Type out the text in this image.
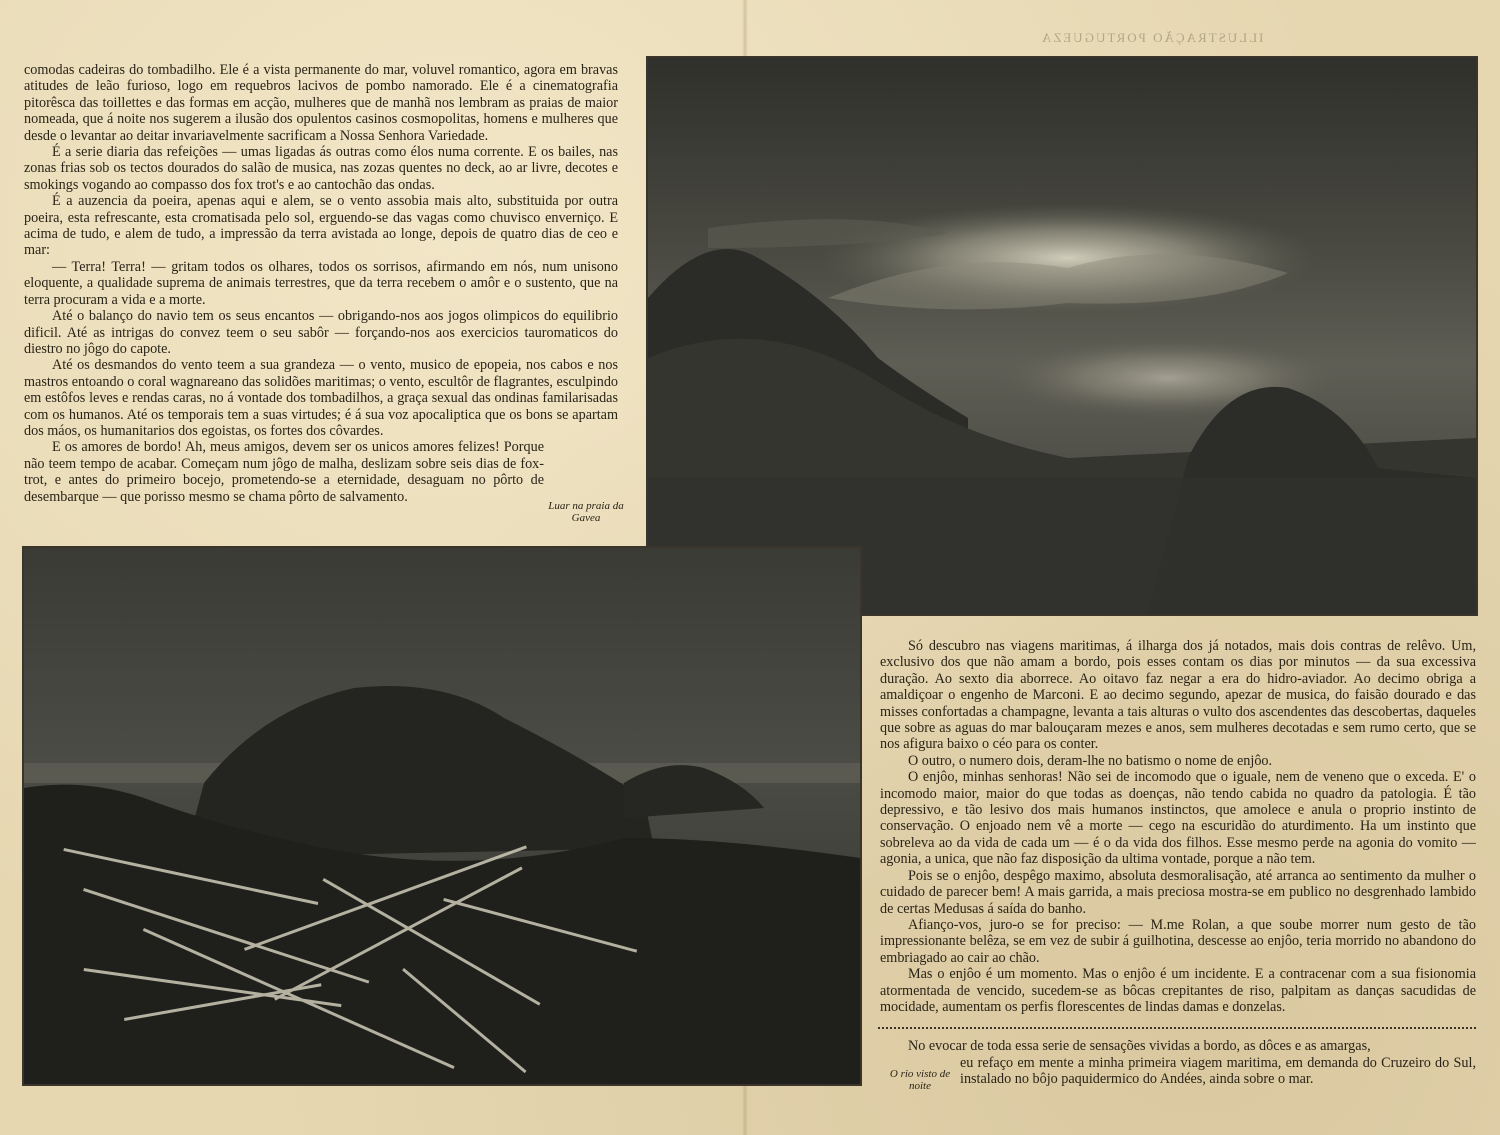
ILLUSTRAÇÃO PORTUGUEZA

comodas cadeiras do tombadilho. Ele é a vista permanente do mar, voluvel romantico, agora em bravas atitudes de leão furioso, logo em requebros lacivos de pombo namorado. Ele é a cinematografia pitorêsca das toillettes e das formas em acção, mulheres que de manhã nos lembram as praias de maior nomeada, que á noite nos sugerem a ilusão dos opulentos casinos cosmopolitas, homens e mulheres que desde o levantar ao deitar invariavelmente sacrificam a Nossa Senhora Variedade.

É a serie diaria das refeições — umas ligadas ás outras como élos numa corrente. E os bailes, nas zonas frias sob os tectos dourados do salão de musica, nas zozas quentes no deck, ao ar livre, decotes e smokings vogando ao compasso dos fox trot's e ao cantochão das ondas.

É a auzencia da poeira, apenas aqui e alem, se o vento assobia mais alto, substituida por outra poeira, esta refrescante, esta cromatisada pelo sol, erguendo-se das vagas como chuvisco enverniço. E acima de tudo, e alem de tudo, a impressão da terra avistada ao longe, depois de quatro dias de ceo e mar:

— Terra! Terra! — gritam todos os olhares, todos os sorrisos, afirmando em nós, num unisono eloquente, a qualidade suprema de animais terrestres, que da terra recebem o amôr e o sustento, que na terra procuram a vida e a morte.

Até o balanço do navio tem os seus encantos — obrigando-nos aos jogos olimpicos do equilibrio dificil. Até as intrigas do convez teem o seu sabôr — forçando-nos aos exercicios tauromaticos do diestro no jôgo do capote.

Até os desmandos do vento teem a sua grandeza — o vento, musico de epopeia, nos cabos e nos mastros entoando o coral wagnareano das solidões maritimas; o vento, escultôr de flagrantes, esculpindo em estôfos leves e rendas caras, no á vontade dos tombadilhos, a graça sexual das ondinas familarisadas com os humanos. Até os temporais tem a suas virtudes; é á sua voz apocaliptica que os bons se apartam dos máos, os humanitarios dos egoistas, os fortes dos côvardes.

E os amores de bordo! Ah, meus amigos, devem ser os unicos amores felizes! Porque não teem tempo de acabar. Começam num jôgo de malha, deslizam sobre seis dias de fox-trot, e antes do primeiro bocejo, prometendo-se a eternidade, desaguam no pôrto de desembarque — que porisso mesmo se chama pôrto de salvamento.

Luar na praia da Gavea

Só descubro nas viagens maritimas, á ilharga dos já notados, mais dois contras de relêvo. Um, exclusivo dos que não amam a bordo, pois esses contam os dias por minutos — da sua excessiva duração. Ao sexto dia aborrece. Ao oitavo faz negar a era do hidro-aviador. Ao decimo obriga a amaldiçoar o engenho de Marconi. E ao decimo segundo, apezar de musica, do faisão dourado e das misses confortadas a champagne, levanta a tais alturas o vulto dos ascendentes das descobertas, daqueles que sobre as aguas do mar balouçaram mezes e anos, sem mulheres decotadas e sem rumo certo, que se nos afigura baixo o céo para os conter.

O outro, o numero dois, deram-lhe no batismo o nome de enjôo.

O enjôo, minhas senhoras! Não sei de incomodo que o iguale, nem de veneno que o exceda. E' o incomodo maior, maior do que todas as doenças, não tendo cabida no quadro da patologia. É tão depressivo, e tão lesivo dos mais humanos instinctos, que amolece e anula o proprio instinto de conservação. O enjoado nem vê a morte — cego na escuridão do aturdimento. Ha um instinto que sobreleva ao da vida de cada um — é o da vida dos filhos. Esse mesmo perde na agonia do vomito — agonia, a unica, que não faz disposição da ultima vontade, porque a não tem.

Pois se o enjôo, despêgo maximo, absoluta desmoralisação, até arranca ao sentimento da mulher o cuidado de parecer bem! A mais garrida, a mais preciosa mostra-se em publico no desgrenhado lambido de certas Medusas á saída do banho.

Afianço-vos, juro-o se for preciso: — M.me Rolan, a que soube morrer num gesto de tão impressionante belêza, se em vez de subir á guilhotina, descesse ao enjôo, teria morrido no abandono do embriagado ao cair ao chão.

Mas o enjôo é um momento. Mas o enjôo é um incidente. E a contracenar com a sua fisionomia atormentada de vencido, sucedem-se as bôcas crepitantes de riso, palpitam as danças sacudidas de mocidade, aumentam os perfis florescentes de lindas damas e donzelas.

No evocar de toda essa serie de sensações vividas a bordo, as dôces e as amargas,

eu refaço em mente a minha primeira viagem maritima, em demanda do Cruzeiro do Sul, instalado no bôjo paquidermico do Andées, ainda sobre o mar.

O rio visto de noite
